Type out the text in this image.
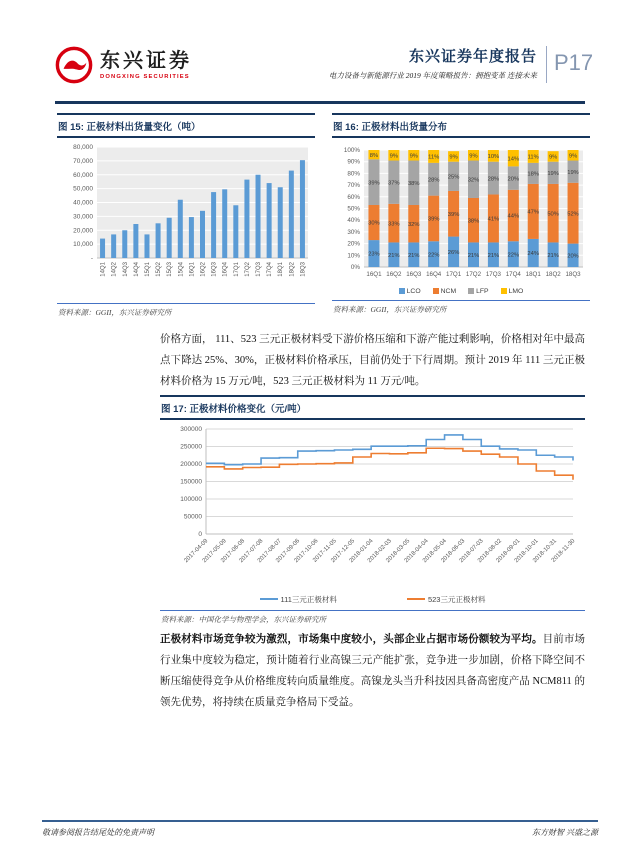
东兴证券
DONGXING SECURITIES
东兴证券年度报告
电力设备与新能源行业 2019 年度策略报告：拥抱变革 连接未来
P17
图 15: 正极材料出货量变化（吨）
-
10,000
20,000
30,000
40,000
50,000
60,000
70,000
80,000
14Q1 14Q2 14Q3 14Q4 15Q1 15Q2 15Q3 15Q4 16Q1 16Q2 16Q3 16Q4 17Q1 17Q2 17Q3 17Q4 18Q1 18Q2 18Q3
资料来源：GGII，东兴证券研究所
图 16: 正极材料出货量分布
0%
10%
20%
30%
40%
50%
60%
70%
80%
90%
100%
23%
30%
39%
8%
16Q1
21%
33%
37%
9%
16Q2
21%
32%
38%
9%
16Q3
22%
39%
28%
11%
16Q4
26%
39%
25%
9%
17Q1
21%
38%
32%
9%
17Q2
21%
41%
28%
10%
17Q3
22%
44%
20%
14%
17Q4
24%
47%
18%
11%
18Q1
21%
50%
19%
9%
18Q2
20%
52%
19%
9%
18Q3
LCO	NCM	LFP	LMO
资料来源：GGII，东兴证券研究所

价格方面， 111、523 三元正极材料受下游价格压缩和下游产能过剩影响，价格相对年中最高点下降达 25%、30%，正极材料价格承压，目前仍处于下行周期。预计 2019 年 111 三元正极材料价格为 15 万元/吨，523 三元正极材料为 11 万元/吨。

图 17: 正极材料价格变化（元/吨）
0
50000
100000
150000
200000
250000
300000
2017-04-09
2017-05-09
2017-06-08
2017-07-08
2017-08-07
2017-09-06
2017-10-06
2017-11-05
2017-12-05
2018-01-04
2018-02-03
2018-03-05
2018-04-04
2018-05-04
2018-06-03
2018-07-03
2018-08-02
2018-09-01
2018-10-01
2018-10-31
2018-11-30
111三元正极材料	523三元正极材料
资料来源：中国化学与物理学会，东兴证券研究所

正极材料市场竞争较为激烈，市场集中度较小，头部企业占据市场份额较为平均。目前市场行业集中度较为稳定，预计随着行业高镍三元产能扩张，竞争进一步加剧，价格下降空间不断压缩使得竞争从价格维度转向质量维度。高镍龙头当升科技因具备高密度产品 NCM811 的领先优势，将持续在质量竞争格局下受益。

敬请参阅报告结尾处的免责声明	东方财智 兴盛之源
